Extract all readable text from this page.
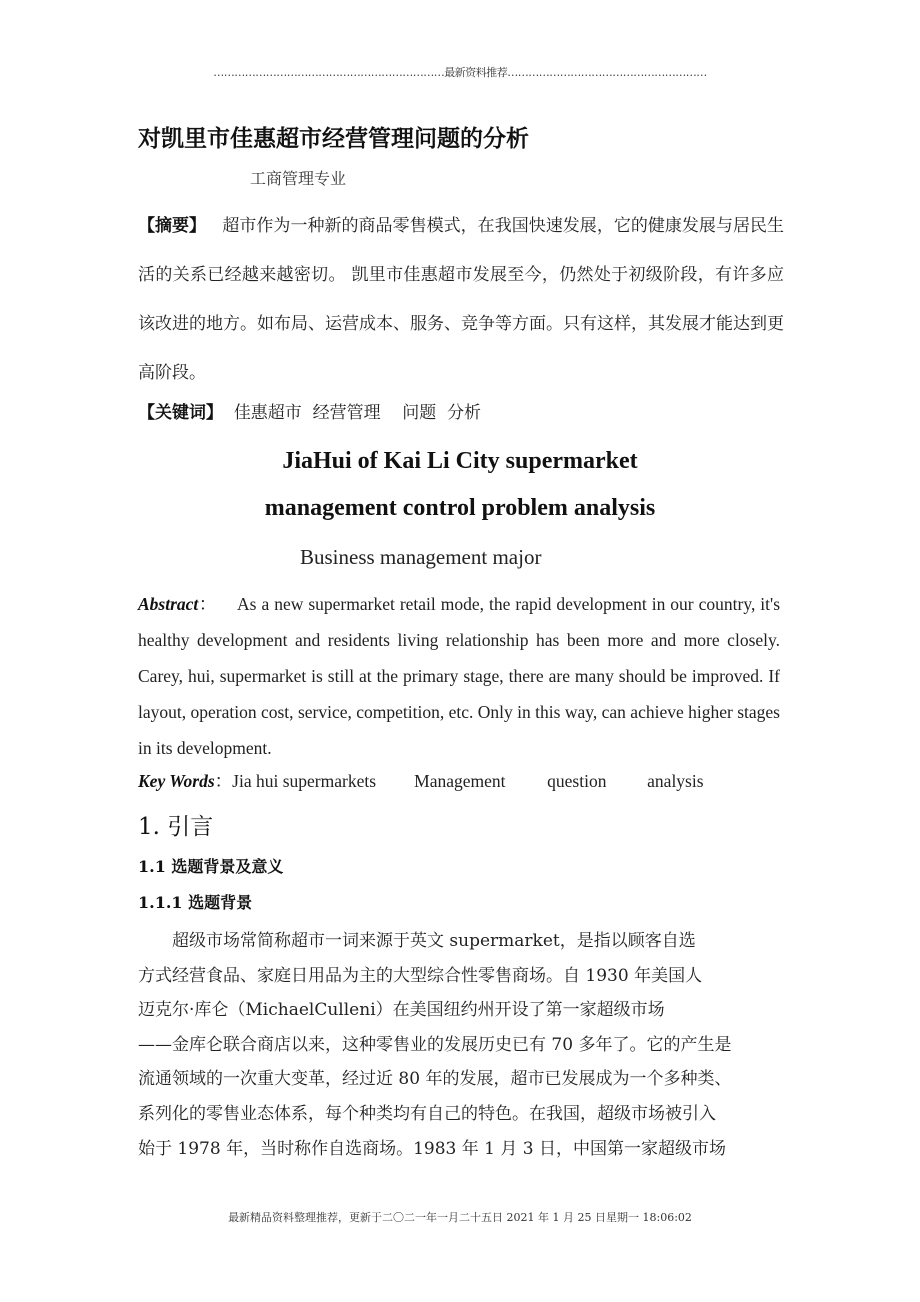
…………………………………………………………最新资料推荐…………………………………………………
对凯里市佳惠超市经营管理问题的分析
工商管理专业
【摘要】 超市作为一种新的商品零售模式，在我国快速发展，它的健康发展与居民生活的关系已经越来越密切。 凯里市佳惠超市发展至今，仍然处于初级阶段，有许多应该改进的地方。如布局、运营成本、服务、竞争等方面。只有这样，其发展才能达到更高阶段。
【关键词】 佳惠超市 经营管理 问题 分析
JiaHui of Kai Li City supermarket
management control problem analysis
Business management major
Abstract： As a new supermarket retail mode, the rapid development in our country, it's healthy development and residents living relationship has been more and more closely. Carey, hui, supermarket is still at the primary stage, there are many should be improved. If layout, operation cost, service, competition, etc. Only in this way, can achieve higher stages in its development.
Key Words：Jia hui supermarkets Management question analysis
1. 引言
1.1 选题背景及意义
1.1.1 选题背景
　　超级市场常简称超市一词来源于英文 supermarket，是指以顾客自选
方式经营食品、家庭日用品为主的大型综合性零售商场。自 1930 年美国人
迈克尔·库仑（MichaelCulleni）在美国纽约州开设了第一家超级市场
——金库仑联合商店以来，这种零售业的发展历史已有 70 多年了。它的产生是
流通领域的一次重大变革，经过近 80 年的发展，超市已发展成为一个多种类、
系列化的零售业态体系，每个种类均有自己的特色。在我国，超级市场被引入
始于 1978 年，当时称作自选商场。1983 年 1 月 3 日，中国第一家超级市场
最新精品资料整理推荐，更新于二〇二一年一月二十五日 2021 年 1 月 25 日星期一 18:06:02
